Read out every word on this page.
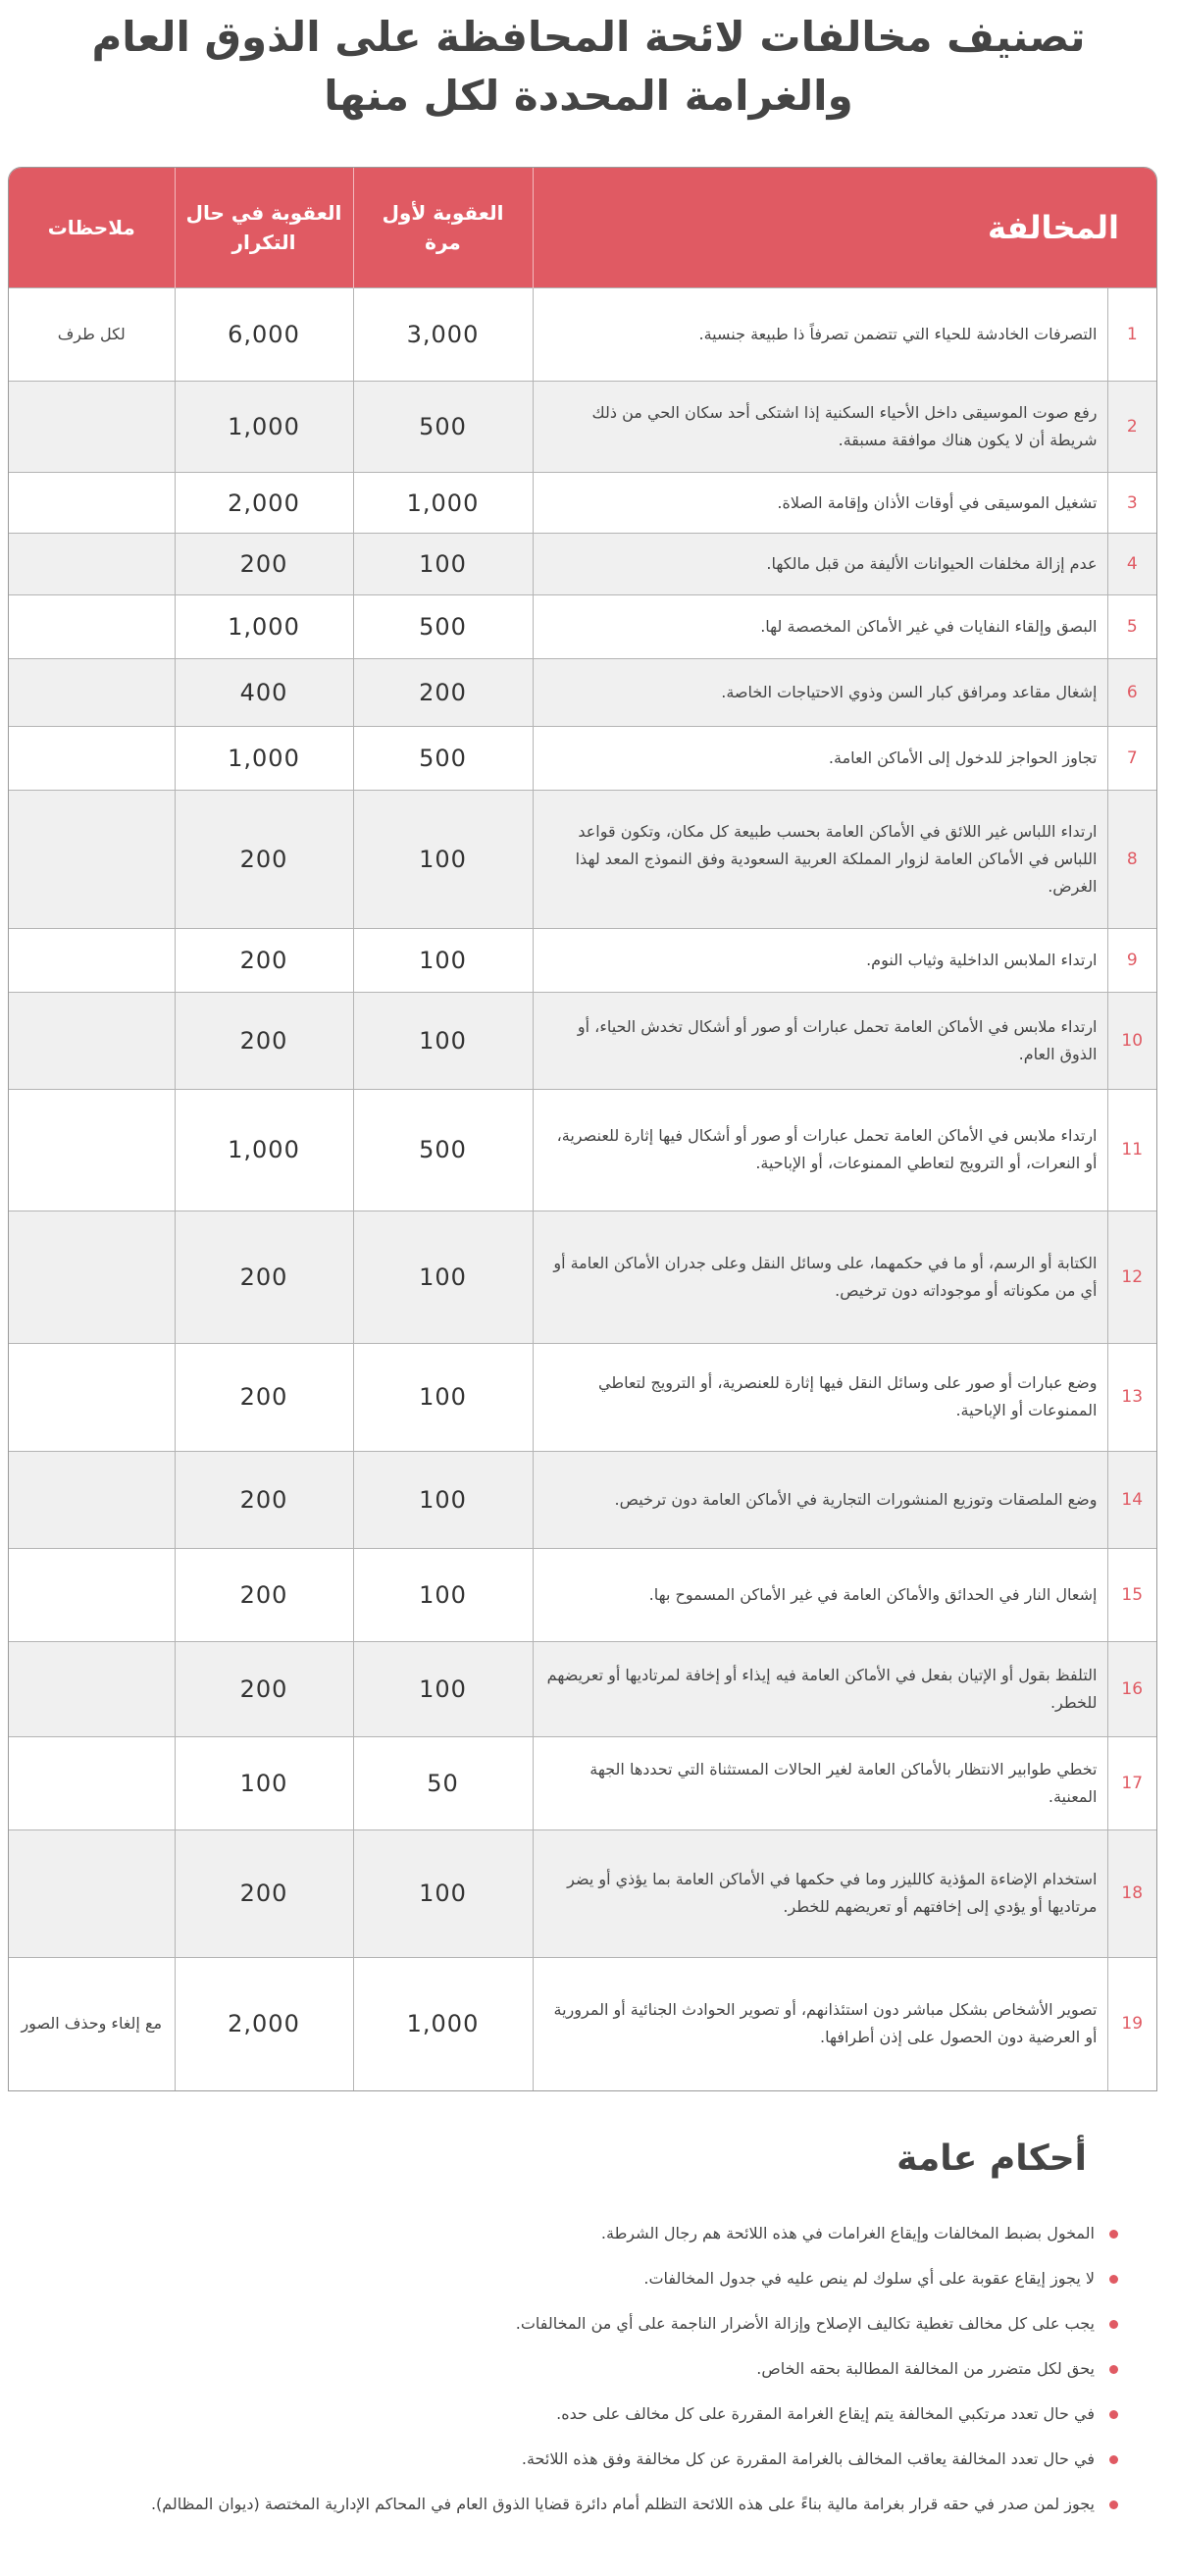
تصنيف مخالفات لائحة المحافظة على الذوق العام
والغرامة المحددة لكل منها
ملاحظات	العقوبة في حال التكرار	العقوبة لأول مرة	المخالفة	
لكل طرف	6,000	3,000	التصرفات الخادشة للحياء التي تتضمن تصرفاً ذا طبيعة جنسية.	1
	1,000	500	رفع صوت الموسيقى داخل الأحياء السكنية إذا اشتكى أحد سكان الحي من ذلك شريطة أن لا يكون هناك موافقة مسبقة.	2
	2,000	1,000	تشغيل الموسيقى في أوقات الأذان وإقامة الصلاة.	3
	200	100	عدم إزالة مخلفات الحيوانات الأليفة من قبل مالكها.	4
	1,000	500	البصق وإلقاء النفايات في غير الأماكن المخصصة لها.	5
	400	200	إشغال مقاعد ومرافق كبار السن وذوي الاحتياجات الخاصة.	6
	1,000	500	تجاوز الحواجز للدخول إلى الأماكن العامة.	7
	200	100	ارتداء اللباس غير اللائق في الأماكن العامة بحسب طبيعة كل مكان، وتكون قواعد اللباس في الأماكن العامة لزوار المملكة العربية السعودية وفق النموذج المعد لهذا الغرض.	8
	200	100	ارتداء الملابس الداخلية وثياب النوم.	9
	200	100	ارتداء ملابس في الأماكن العامة تحمل عبارات أو صور أو أشكال تخدش الحياء، أو الذوق العام.	10
	1,000	500	ارتداء ملابس في الأماكن العامة تحمل عبارات أو صور أو أشكال فيها إثارة للعنصرية، أو النعرات، أو الترويج لتعاطي الممنوعات، أو الإباحية.	11
	200	100	الكتابة أو الرسم، أو ما في حكمهما، على وسائل النقل وعلى جدران الأماكن العامة أو أي من مكوناته أو موجوداته دون ترخيص.	12
	200	100	وضع عبارات أو صور على وسائل النقل فيها إثارة للعنصرية، أو الترويج لتعاطي الممنوعات أو الإباحية.	13
	200	100	وضع الملصقات وتوزيع المنشورات التجارية في الأماكن العامة دون ترخيص.	14
	200	100	إشعال النار في الحدائق والأماكن العامة في غير الأماكن المسموح بها.	15
	200	100	التلفظ بقول أو الإتيان بفعل في الأماكن العامة فيه إيذاء أو إخافة لمرتاديها أو تعريضهم للخطر.	16
	100	50	تخطي طوابير الانتظار بالأماكن العامة لغير الحالات المستثناة التي تحددها الجهة المعنية.	17
	200	100	استخدام الإضاءة المؤذية كالليزر وما في حكمها في الأماكن العامة بما يؤذي أو يضر مرتاديها أو يؤدي إلى إخافتهم أو تعريضهم للخطر.	18
مع إلغاء وحذف الصور	2,000	1,000	تصوير الأشخاص بشكل مباشر دون استئذانهم، أو تصوير الحوادث الجنائية أو المرورية أو العرضية دون الحصول على إذن أطرافها.	19
أحكام عامة
المخول بضبط المخالفات وإيقاع الغرامات في هذه اللائحة هم رجال الشرطة.
لا يجوز إيقاع عقوبة على أي سلوك لم ينص عليه في جدول المخالفات.
يجب على كل مخالف تغطية تكاليف الإصلاح وإزالة الأضرار الناجمة على أي من المخالفات.
يحق لكل متضرر من المخالفة المطالبة بحقه الخاص.
في حال تعدد مرتكبي المخالفة يتم إيقاع الغرامة المقررة على كل مخالف على حده.
في حال تعدد المخالفة يعاقب المخالف بالغرامة المقررة عن كل مخالفة وفق هذه اللائحة.
يجوز لمن صدر في حقه قرار بغرامة مالية بناءً على هذه اللائحة التظلم أمام دائرة قضايا الذوق العام في المحاكم الإدارية المختصة (ديوان المظالم).
